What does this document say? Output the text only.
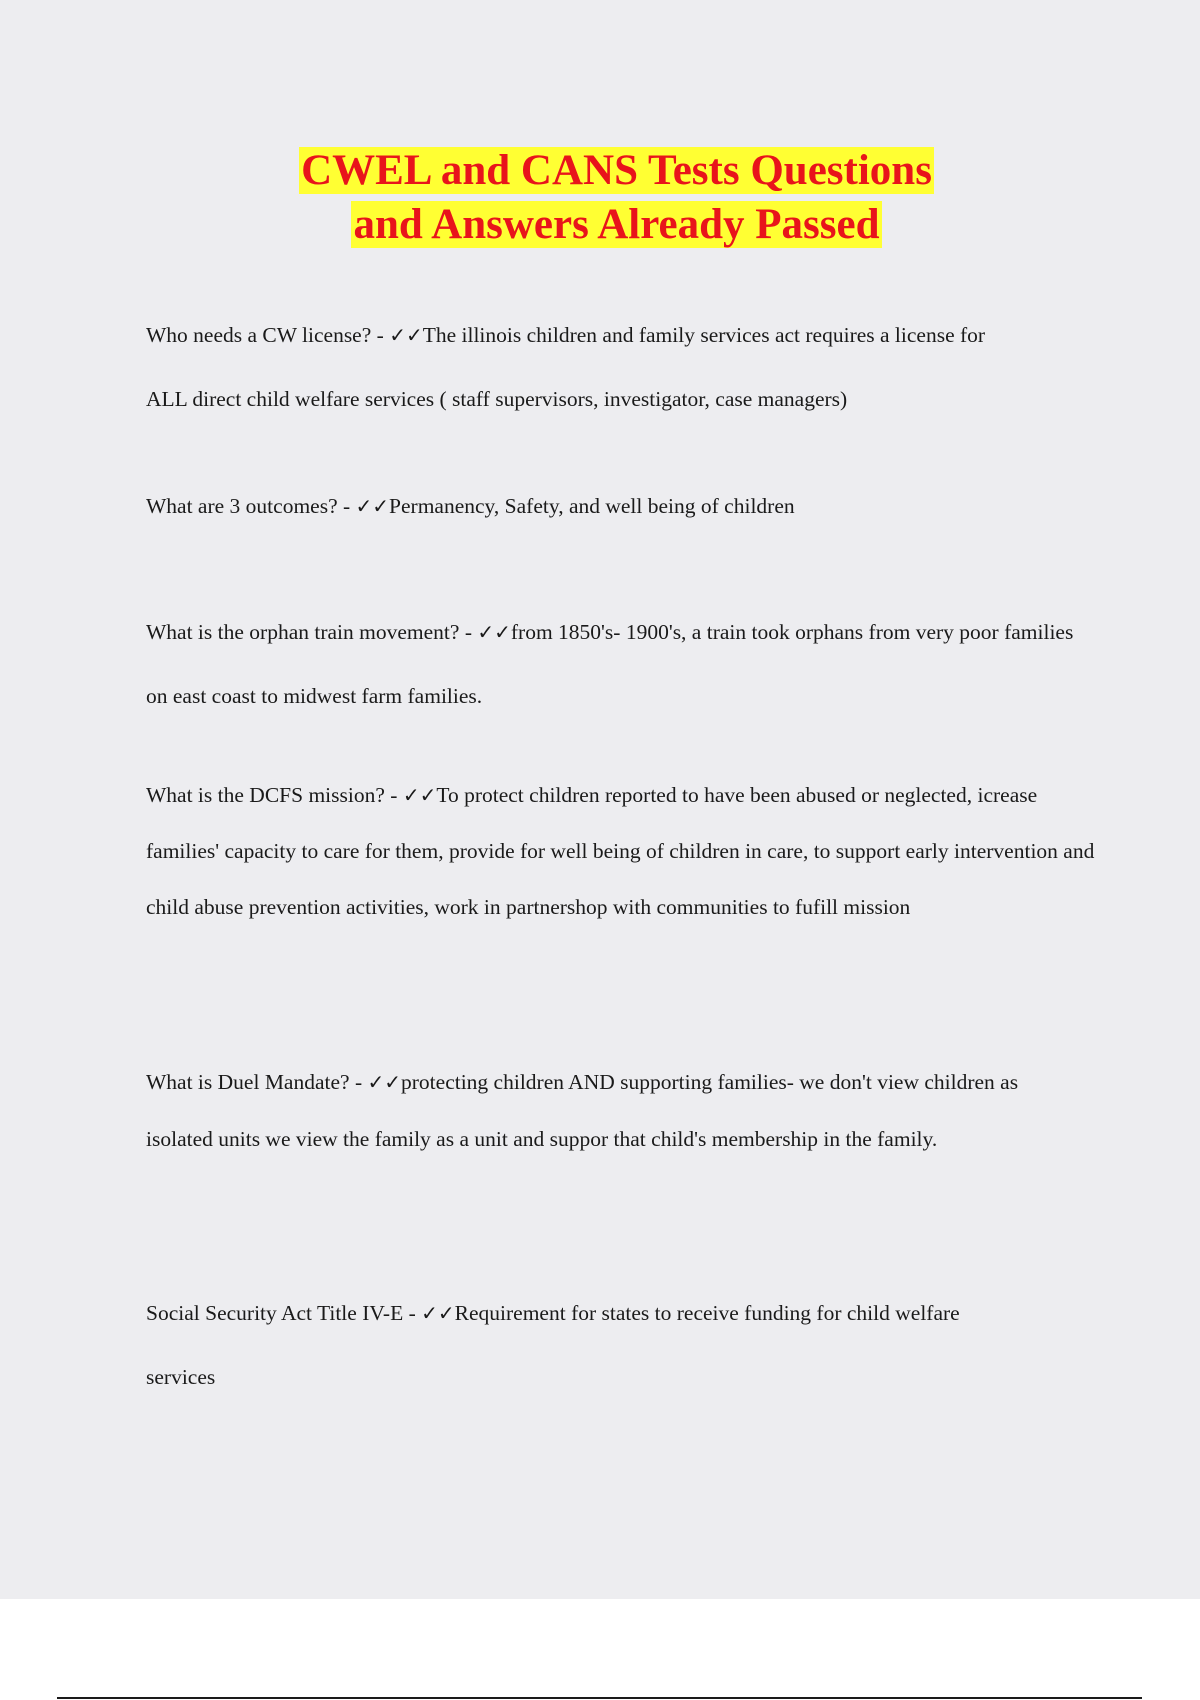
CWEL and CANS Tests Questions
and Answers Already Passed

Who needs a CW license? - ✓✓The illinois children and family services act requires a license for ALL direct child welfare services ( staff supervisors, investigator, case managers)

What are 3 outcomes? - ✓✓Permanency, Safety, and well being of children

What is the orphan train movement? - ✓✓from 1850's- 1900's, a train took orphans from very poor families on east coast to midwest farm families.

What is the DCFS mission? - ✓✓To protect children reported to have been abused or neglected, icrease families' capacity to care for them, provide for well being of children in care, to support early intervention and child abuse prevention activities, work in partnershop with communities to fufill mission

What is Duel Mandate? - ✓✓protecting children AND supporting families- we don't view children as isolated units we view the family as a unit and suppor that child's membership in the family.

Social Security Act Title IV-E - ✓✓Requirement for states to receive funding for child welfare services
